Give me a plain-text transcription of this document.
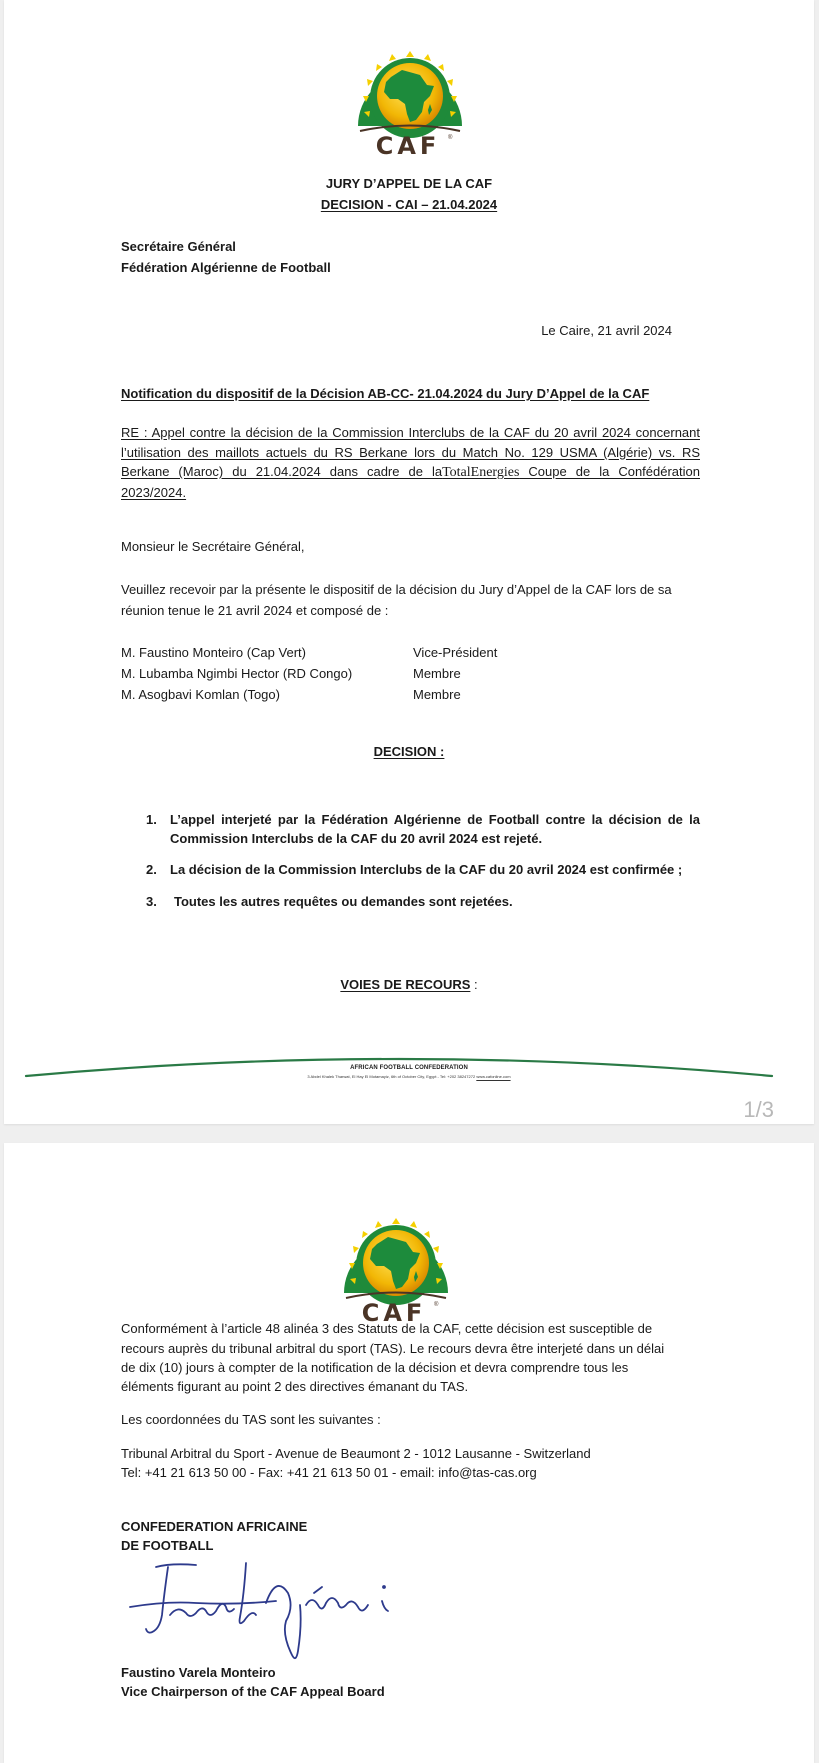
CAF ®
JURY D’APPEL DE LA CAF
DECISION - CAI – 21.04.2024
Secrétaire Général
Fédération Algérienne de Football
Le Caire, 21 avril 2024
Notification du dispositif de la Décision AB-CC- 21.04.2024 du Jury D’Appel de la CAF
RE : Appel contre la décision de la Commission Interclubs de la CAF du 20 avril 2024 concernant l’utilisation des maillots actuels du RS Berkane lors du Match No. 129 USMA (Algérie) vs. RS Berkane (Maroc) du 21.04.2024 dans cadre de laTotalEnergies Coupe de la Confédération 2023/2024.
Monsieur le Secrétaire Général,
Veuillez recevoir par la présente le dispositif de la décision du Jury d’Appel de la CAF lors de sa
réunion tenue le 21 avril 2024 et composé de :
M. Faustino Monteiro (Cap Vert)	Vice-Président
M. Lubamba Ngimbi Hector (RD Congo)	Membre
M. Asogbavi Komlan (Togo)	Membre
DECISION :
1. L’appel interjeté par la Fédération Algérienne de Football contre la décision de la
Commission Interclubs de la CAF du 20 avril 2024 est rejeté.
2. La décision de la Commission Interclubs de la CAF du 20 avril 2024 est confirmée ;
3. Toutes les autres requêtes ou demandes sont rejetées.
VOIES DE RECOURS :
AFRICAN FOOTBALL CONFEDERATION
3 Abdel Khalek Tharwat, El Hay El Motamayiz, 6th of October City, Egypt - Tel: +202 38247272 www.cafonline.com
1/3
CAF ®
Conformément à l’article 48 alinéa 3 des Statuts de la CAF, cette décision est susceptible de
recours auprès du tribunal arbitral du sport (TAS). Le recours devra être interjeté dans un délai
de dix (10) jours à compter de la notification de la décision et devra comprendre tous les
éléments figurant au point 2 des directives émanant du TAS.
Les coordonnées du TAS sont les suivantes :
Tribunal Arbitral du Sport - Avenue de Beaumont 2 - 1012 Lausanne - Switzerland
Tel: +41 21 613 50 00 - Fax: +41 21 613 50 01 - email: info@tas-cas.org
CONFEDERATION AFRICAINE
DE FOOTBALL
Faustino Varela Monteiro
Vice Chairperson of the CAF Appeal Board
